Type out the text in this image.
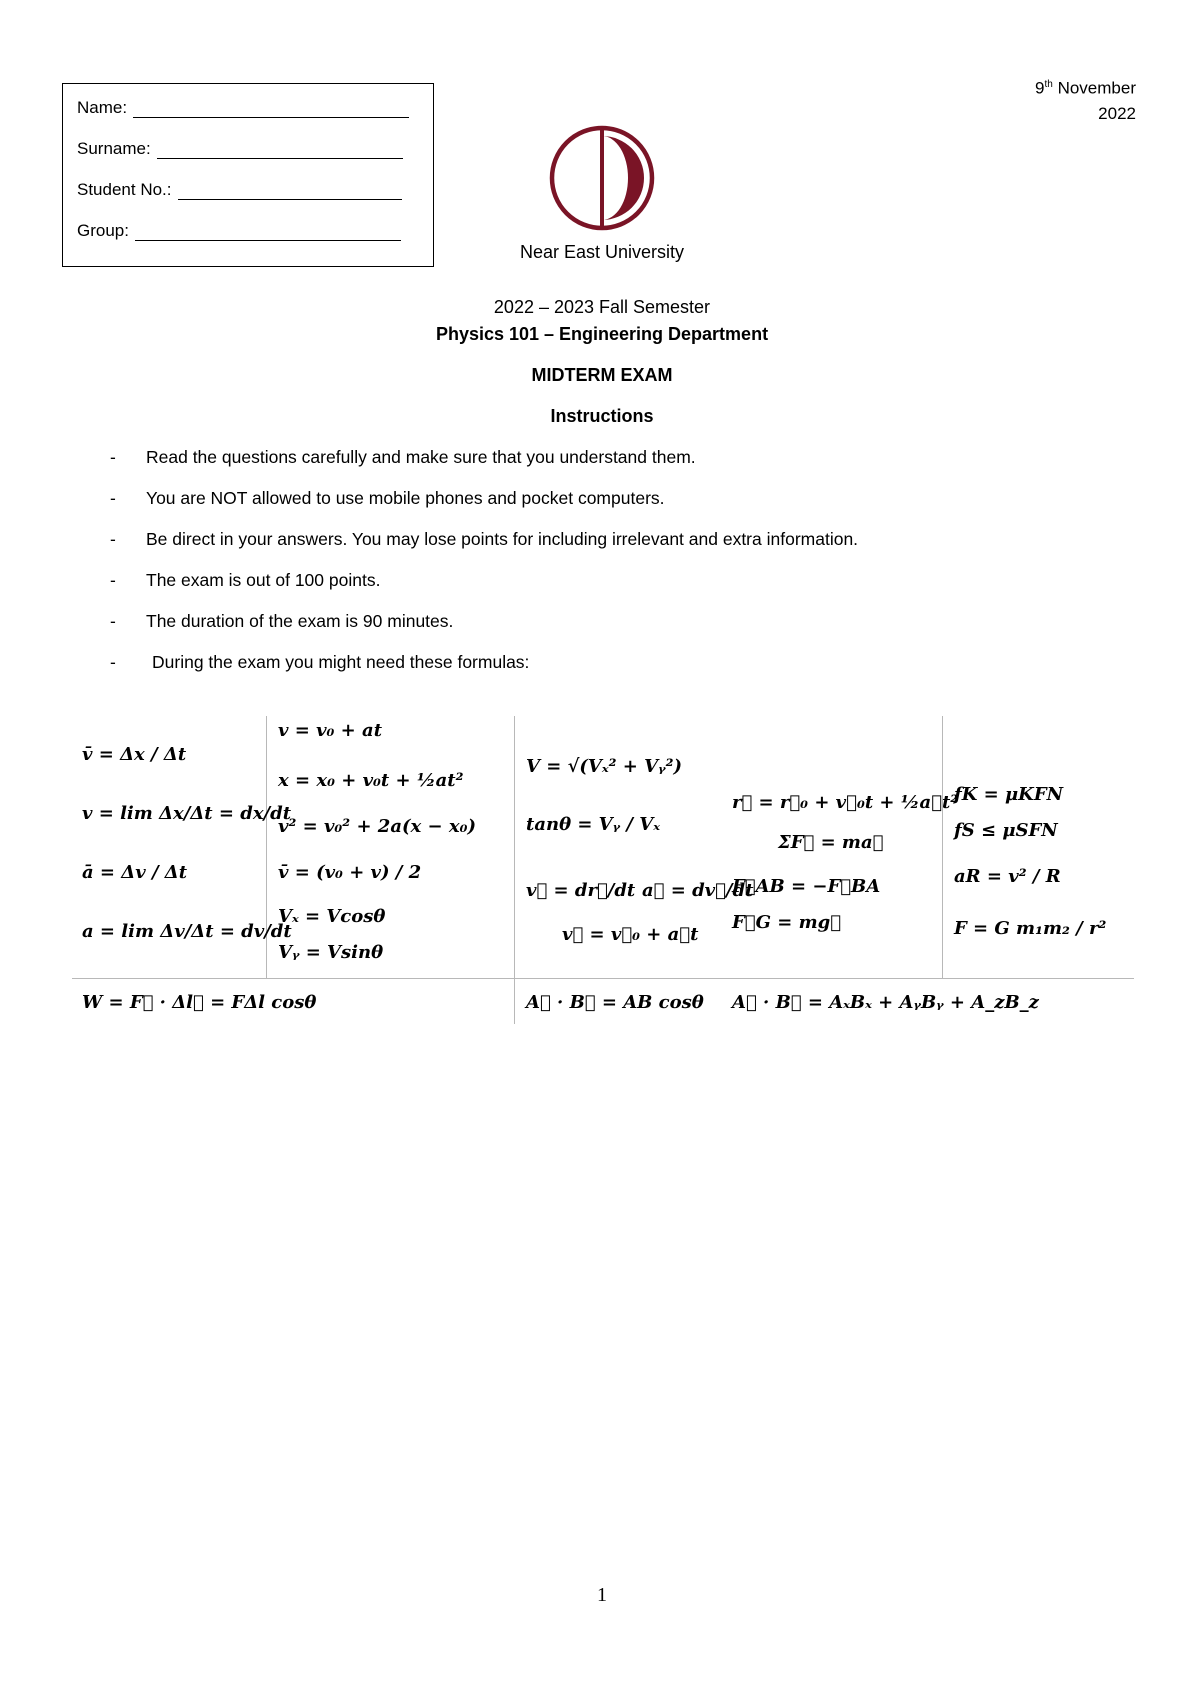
Name:
Surname:
Student No.:
Group:
9th November
2022
Near East University
2022 – 2023 Fall Semester
Physics 101 – Engineering Department
MIDTERM EXAM
Instructions
-	Read the questions carefully and make sure that you understand them.
-	You are NOT allowed to use mobile phones and pocket computers.
-	Be direct in your answers. You may lose points for including irrelevant and extra information.
-	The exam is out of 100 points.
-	The duration of the exam is 90 minutes.
-	During the exam you might need these formulas:
v̄ = Δx / Δt
v = lim Δx/Δt = dx/dt
ā = Δv / Δt
a = lim Δv/Δt = dv/dt
v = v₀ + at
x = x₀ + v₀t + ½at²
v² = v₀² + 2a(x − x₀)
v̄ = (v₀ + v) / 2
Vₓ = Vcosθ
Vᵧ = Vsinθ
V = √(Vₓ² + Vᵧ²)
tanθ = Vᵧ / Vₓ
v⃗ = dr⃗/dt a⃗ = dv⃗/dt
v⃗ = v⃗₀ + a⃗t
r⃗ = r⃗₀ + v⃗₀t + ½a⃗t²
ΣF⃗ = ma⃗
F⃗AB = −F⃗BA
F⃗G = mg⃗
fK = μKFN
fS ≤ μSFN
aR = v² / R
F = G m₁m₂ / r²
W = F⃗ · Δl⃗ = FΔl cosθ	A⃗ · B⃗ = AB cosθ A⃗ · B⃗ = AₓBₓ + AᵧBᵧ + A_zB_z
1
